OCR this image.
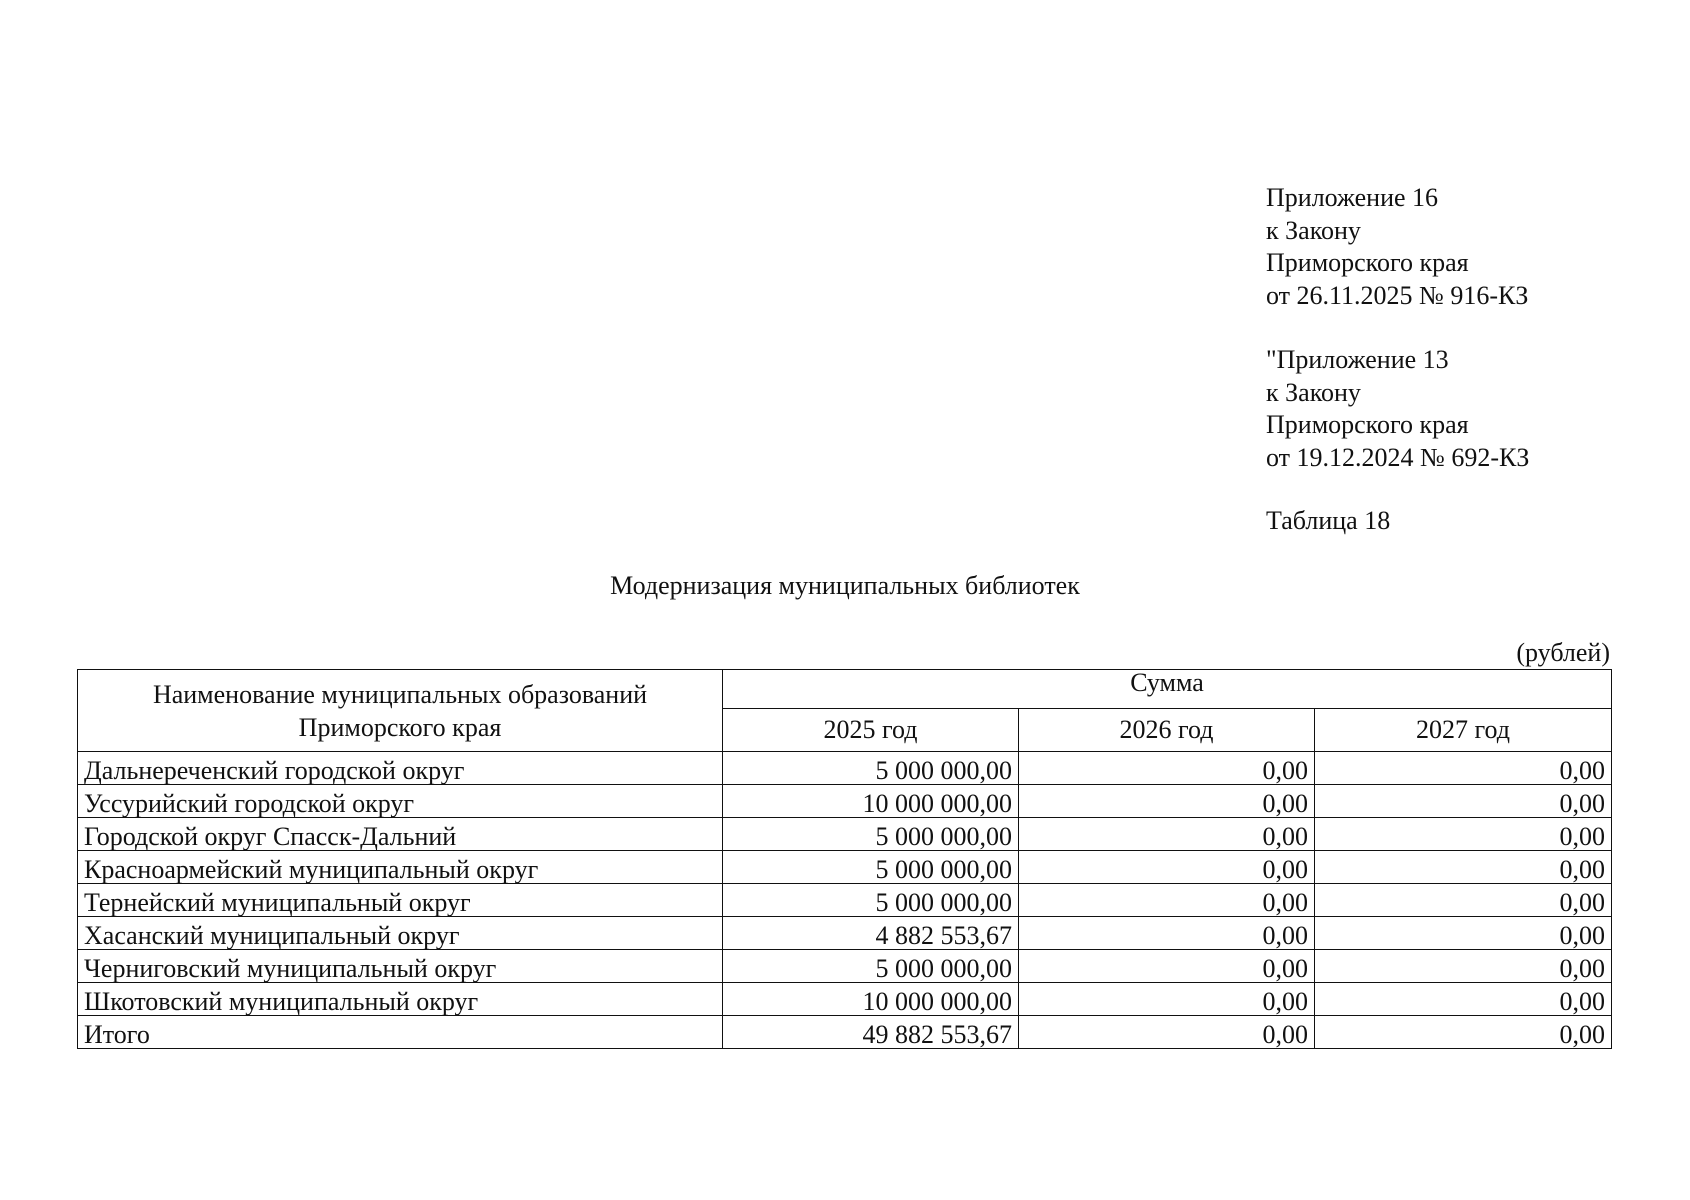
Приложение 16
к Закону
Приморского края
от 26.11.2025 № 916-КЗ
"Приложение 13
к Закону
Приморского края
от 19.12.2024 № 692-КЗ
Таблица 18
Модернизация муниципальных библиотек
(рублей)
Наименование муниципальных образований Приморского края	Сумма		
	2025 год	2026 год	2027 год
Дальнереченский городской округ	5 000 000,00	0,00	0,00
Уссурийский городской округ	10 000 000,00	0,00	0,00
Городской округ Спасск-Дальний	5 000 000,00	0,00	0,00
Красноармейский муниципальный округ	5 000 000,00	0,00	0,00
Тернейский муниципальный округ	5 000 000,00	0,00	0,00
Хасанский муниципальный округ	4 882 553,67	0,00	0,00
Черниговский муниципальный округ	5 000 000,00	0,00	0,00
Шкотовский муниципальный округ	10 000 000,00	0,00	0,00
Итого	49 882 553,67	0,00	0,00
